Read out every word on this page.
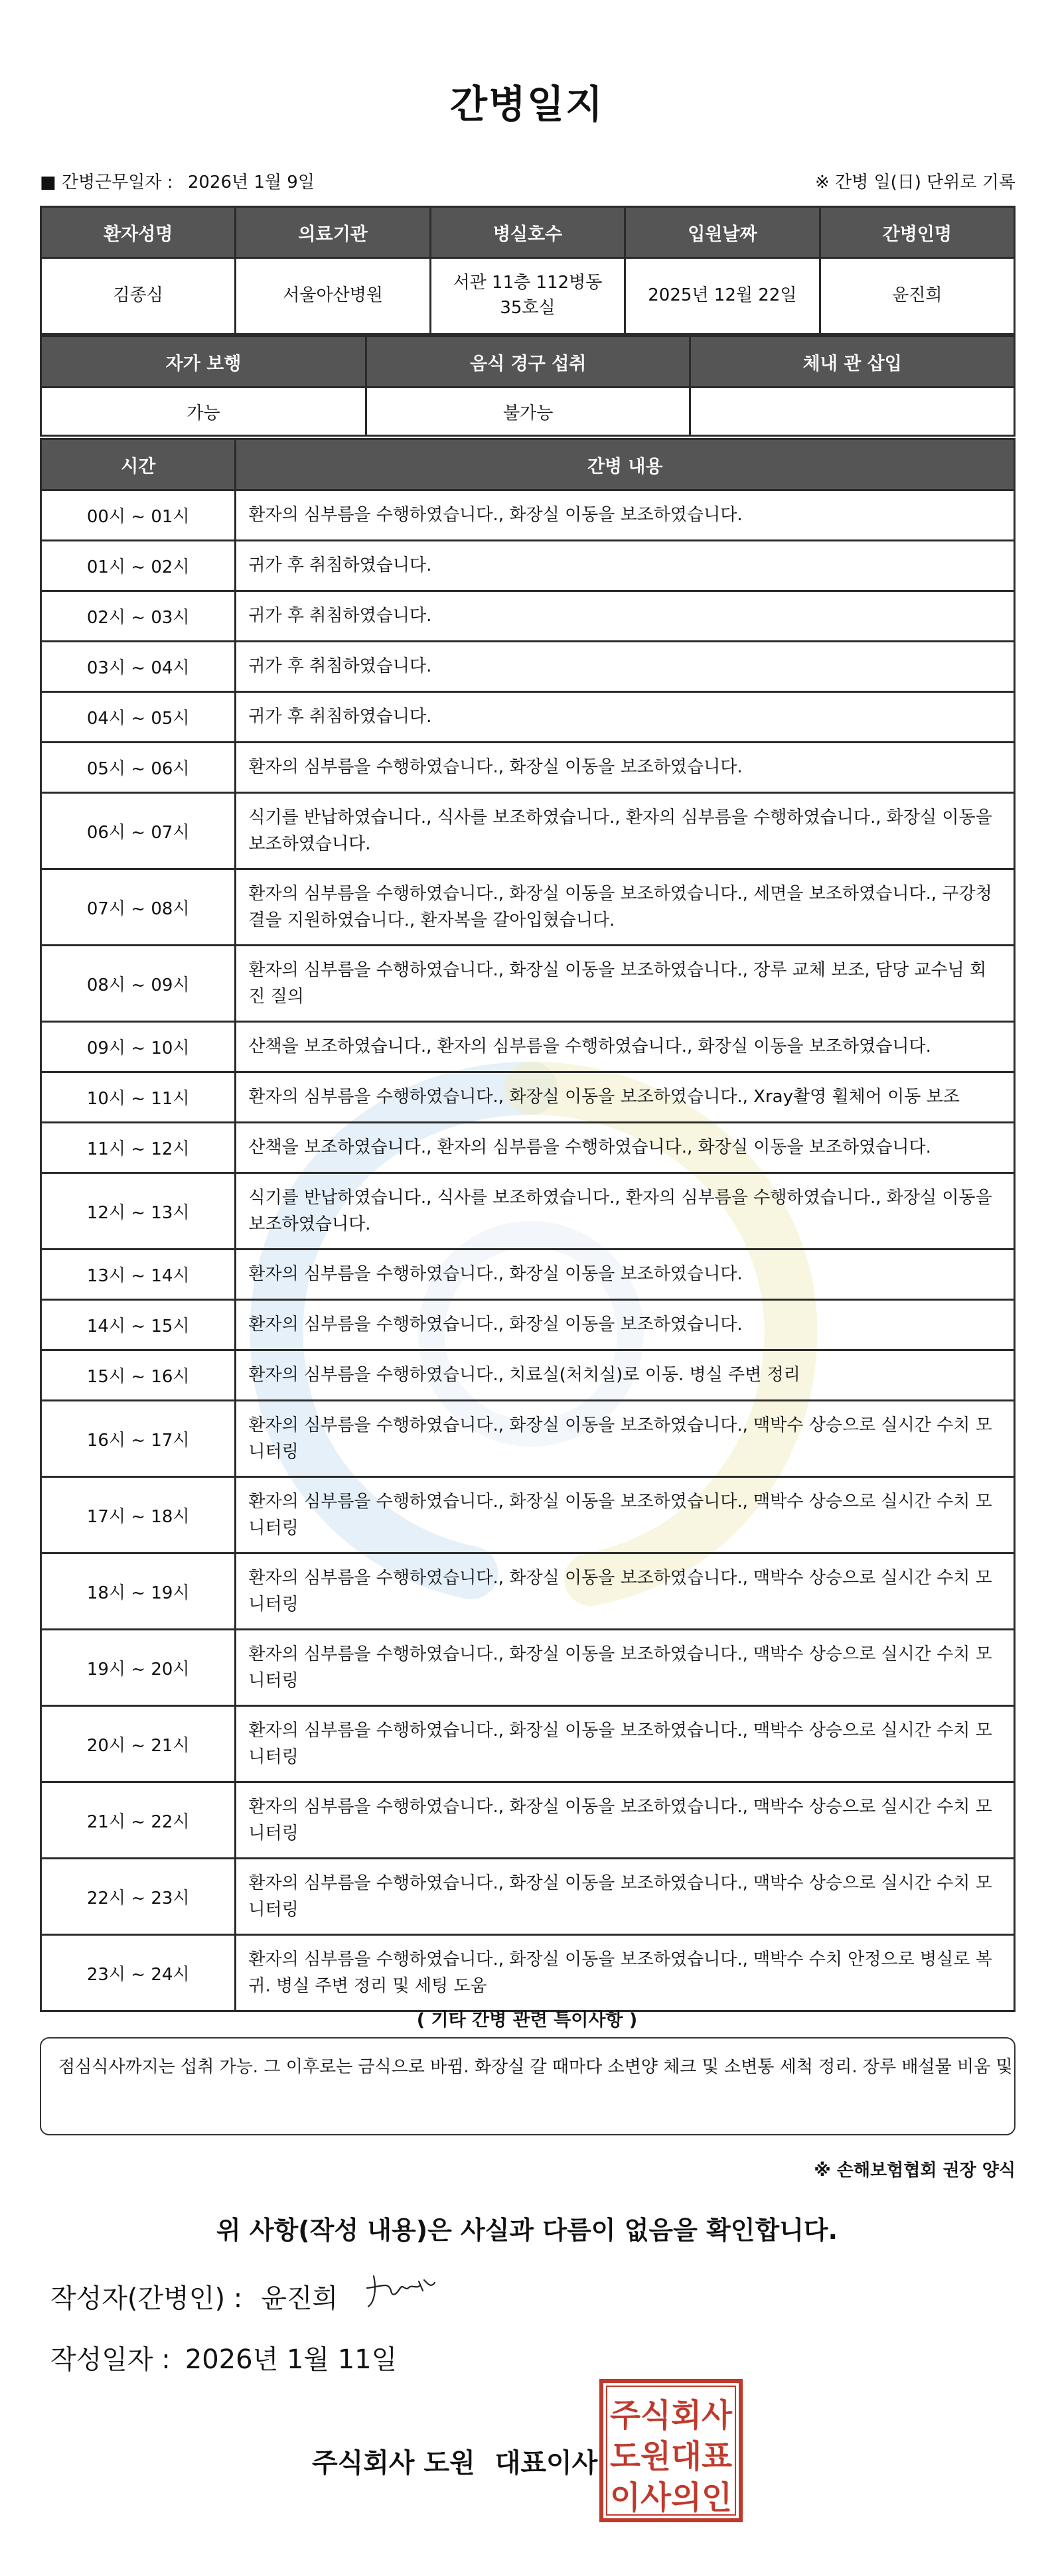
간병일지
■ 간병근무일자 : 2026년 1월 9일	※ 간병 일(日) 단위로 기록
환자성명	의료기관	병실호수	입원날짜	간병인명
김종심	서울아산병원	서관 11층 112병동 35호실	2025년 12월 22일	윤진희
자가 보행	음식 경구 섭취	체내 관 삽입
가능	불가능	
시간	간병 내용
00시 ~ 01시	환자의 심부름을 수행하였습니다., 화장실 이동을 보조하였습니다.
01시 ~ 02시	귀가 후 취침하였습니다.
02시 ~ 03시	귀가 후 취침하였습니다.
03시 ~ 04시	귀가 후 취침하였습니다.
04시 ~ 05시	귀가 후 취침하였습니다.
05시 ~ 06시	환자의 심부름을 수행하였습니다., 화장실 이동을 보조하였습니다.
06시 ~ 07시	식기를 반납하였습니다., 식사를 보조하였습니다., 환자의 심부름을 수행하였습니다., 화장실 이동을 보조하였습니다.
07시 ~ 08시	환자의 심부름을 수행하였습니다., 화장실 이동을 보조하였습니다., 세면을 보조하였습니다., 구강청결을 지원하였습니다., 환자복을 갈아입혔습니다.
08시 ~ 09시	환자의 심부름을 수행하였습니다., 화장실 이동을 보조하였습니다., 장루 교체 보조, 담당 교수님 회진 질의
09시 ~ 10시	산책을 보조하였습니다., 환자의 심부름을 수행하였습니다., 화장실 이동을 보조하였습니다.
10시 ~ 11시	환자의 심부름을 수행하였습니다., 화장실 이동을 보조하였습니다., Xray촬영 휠체어 이동 보조
11시 ~ 12시	산책을 보조하였습니다., 환자의 심부름을 수행하였습니다., 화장실 이동을 보조하였습니다.
12시 ~ 13시	식기를 반납하였습니다., 식사를 보조하였습니다., 환자의 심부름을 수행하였습니다., 화장실 이동을 보조하였습니다.
13시 ~ 14시	환자의 심부름을 수행하였습니다., 화장실 이동을 보조하였습니다.
14시 ~ 15시	환자의 심부름을 수행하였습니다., 화장실 이동을 보조하였습니다.
15시 ~ 16시	환자의 심부름을 수행하였습니다., 치료실(처치실)로 이동. 병실 주변 정리
16시 ~ 17시	환자의 심부름을 수행하였습니다., 화장실 이동을 보조하였습니다., 맥박수 상승으로 실시간 수치 모니터링
17시 ~ 18시	환자의 심부름을 수행하였습니다., 화장실 이동을 보조하였습니다., 맥박수 상승으로 실시간 수치 모니터링
18시 ~ 19시	환자의 심부름을 수행하였습니다., 화장실 이동을 보조하였습니다., 맥박수 상승으로 실시간 수치 모니터링
19시 ~ 20시	환자의 심부름을 수행하였습니다., 화장실 이동을 보조하였습니다., 맥박수 상승으로 실시간 수치 모니터링
20시 ~ 21시	환자의 심부름을 수행하였습니다., 화장실 이동을 보조하였습니다., 맥박수 상승으로 실시간 수치 모니터링
21시 ~ 22시	환자의 심부름을 수행하였습니다., 화장실 이동을 보조하였습니다., 맥박수 상승으로 실시간 수치 모니터링
22시 ~ 23시	환자의 심부름을 수행하였습니다., 화장실 이동을 보조하였습니다., 맥박수 상승으로 실시간 수치 모니터링
23시 ~ 24시	환자의 심부름을 수행하였습니다., 화장실 이동을 보조하였습니다., 맥박수 수치 안정으로 병실로 복귀. 병실 주변 정리 및 세팅 도움
( 기타 간병 관련 특이사항 )
점심식사까지는 섭취 가능. 그 이후로는 금식으로 바뀜. 화장실 갈 때마다 소변양 체크 및 소변통 세척 정리. 장루 배설물 비움 및
※ 손해보험협회 권장 양식
위 사항(작성 내용)은 사실과 다름이 없음을 확인합니다.
작성자(간병인) : 윤진희
작성일자 : 2026년 1월 11일
주식회사 도원 대표이사
주식회사
도원대표
이사의인
